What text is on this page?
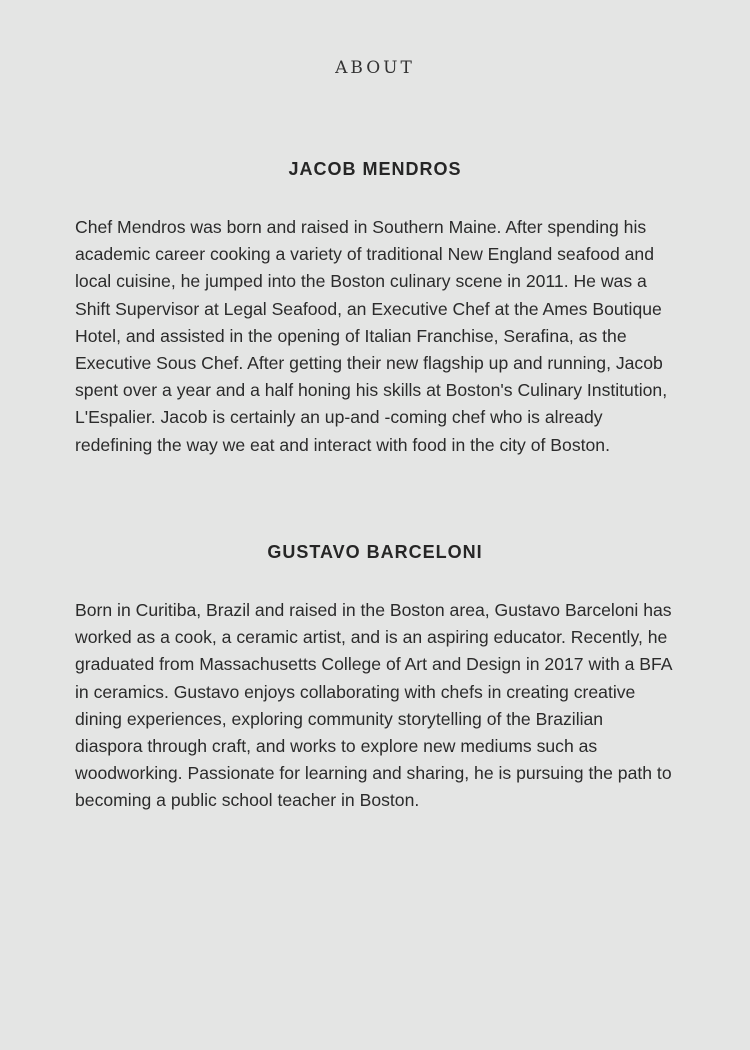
ABOUT
JACOB MENDROS

Chef Mendros was born and raised in Southern Maine. After spending his academic career cooking a variety of traditional New England seafood and local cuisine, he jumped into the Boston culinary scene in 2011. He was a Shift Supervisor at Legal Seafood, an Executive Chef at the Ames Boutique Hotel, and assisted in the opening of Italian Franchise, Serafina, as the Executive Sous Chef. After getting their new flagship up and running, Jacob spent over a year and a half honing his skills at Boston's Culinary Institution, L'Espalier. Jacob is certainly an up-and -coming chef who is already redefining the way we eat and interact with food in the city of Boston.

GUSTAVO BARCELONI

Born in Curitiba, Brazil and raised in the Boston area, Gustavo Barceloni has worked as a cook, a ceramic artist, and is an aspiring educator. Recently, he graduated from Massachusetts College of Art and Design in 2017 with a BFA in ceramics. Gustavo enjoys collaborating with chefs in creating creative dining experiences, exploring community storytelling of the Brazilian diaspora through craft, and works to explore new mediums such as woodworking. Passionate for learning and sharing, he is pursuing the path to becoming a public school teacher in Boston.
